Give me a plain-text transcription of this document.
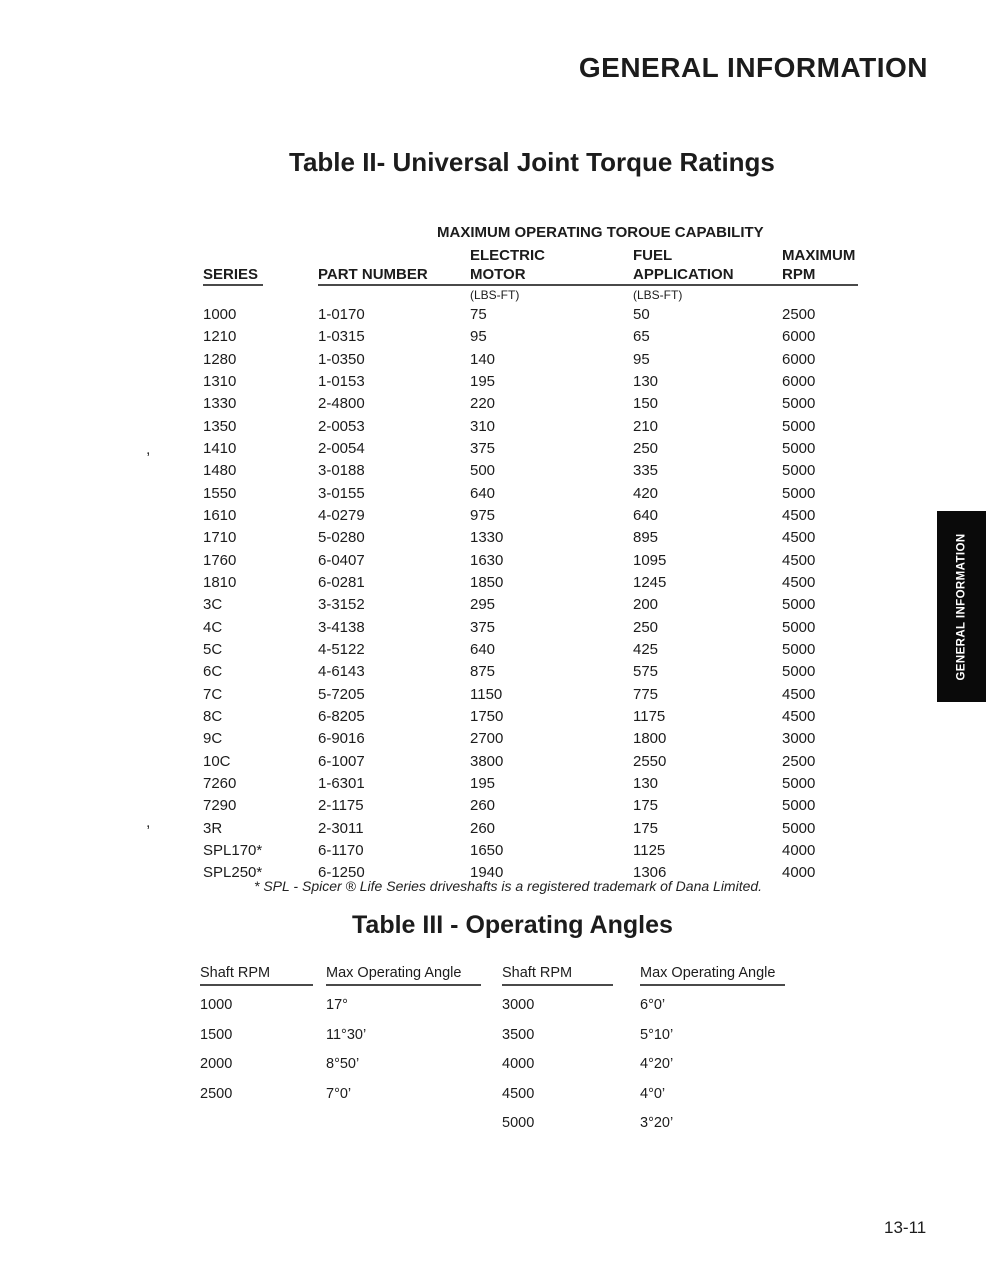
GENERAL INFORMATION
Table II- Universal Joint Torque Ratings
MAXIMUM OPERATING TOROUE CAPABILITY
ELECTRIC	FUEL	MAXIMUM
SERIES	PART NUMBER	MOTOR	APPLICATION	RPM
(LBS-FT)	(LBS-FT)
1000	1-0170	75	50	2500
1210	1-0315	95	65	6000
1280	1-0350	140	95	6000
1310	1-0153	195	130	6000
1330	2-4800	220	150	5000
1350	2-0053	310	210	5000
1410	2-0054	375	250	5000
1480	3-0188	500	335	5000
1550	3-0155	640	420	5000
1610	4-0279	975	640	4500
1710	5-0280	1330	895	4500
1760	6-0407	1630	1095	4500
1810	6-0281	1850	1245	4500
3C	3-3152	295	200	5000
4C	3-4138	375	250	5000
5C	4-5122	640	425	5000
6C	4-6143	875	575	5000
7C	5-7205	1150	775	4500
8C	6-8205	1750	1175	4500
9C	6-9016	2700	1800	3000
10C	6-1007	3800	2550	2500
7260	1-6301	195	130	5000
7290	2-1175	260	175	5000
3R	2-3011	260	175	5000
SPL170*	6-1170	1650	1125	4000
SPL250*	6-1250	1940	1306	4000
* SPL - Spicer ® Life Series driveshafts is a registered trademark of Dana Limited.
Table III - Operating Angles
Shaft RPM	Max Operating Angle	Shaft RPM	Max Operating Angle
1000	17°	3000	6°0’
1500	11°30’	3500	5°10’
2000	8°50’	4000	4°20’
2500	7°0’	4500	4°0’
5000	3°20’
GENERAL INFORMATION
13-11
,
,
